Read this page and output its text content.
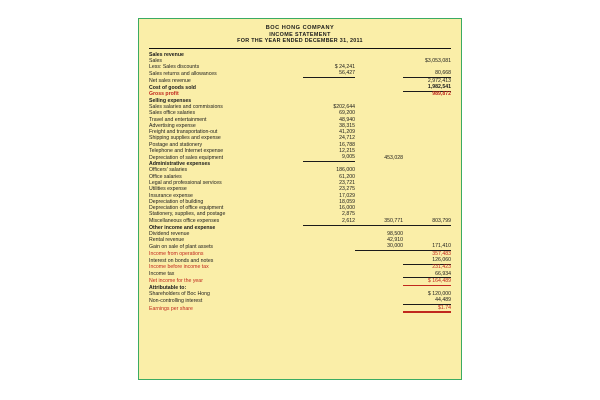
BOC HONG COMPANY
INCOME STATEMENT
FOR THE YEAR ENDED DECEMBER 31, 2011
Sales revenue			
Sales			$3,053,081
Less: Sales discounts	$ 24,241		
Sales returns and allowances	56,427		80,668
Net sales revenue			2,972,413
Cost of goods sold			1,982,541
Gross profit			989,872
Selling expenses			
Sales salaries and commissions	$202,644		
Sales office salaries	69,200		
Travel and entertainment	48,940		
Advertising expense	38,315		
Freight and transportation-out	41,209		
Shipping supplies and expense	24,712		
Postage and stationery	16,788		
Telephone and Internet expense	12,215		
Depreciation of sales equipment	9,005	453,028	
Administrative expenses			
Officers' salaries	186,000		
Office salaries	61,200		
Legal and professional services	23,721		
Utilities expense	23,275		
Insurance expense	17,029		
Depreciation of building	18,059		
Depreciation of office equipment	16,000		
Stationery, supplies, and postage	2,875		
Miscellaneous office expenses	2,612	350,771	803,799
Other income and expense			
Dividend revenue		98,500	
Rental revenue		42,910	
Gain on sale of plant assets		30,000	171,410
Income from operations			357,483
Interest on bonds and notes			126,060
Income before income tax			231,423
Income tax			66,934
Net income for the year			$ 164,489
Attributable to:			
Shareholders of Boc Hong			$ 120,000
Non-controlling interest			44,489
Earnings per share			$1.74
